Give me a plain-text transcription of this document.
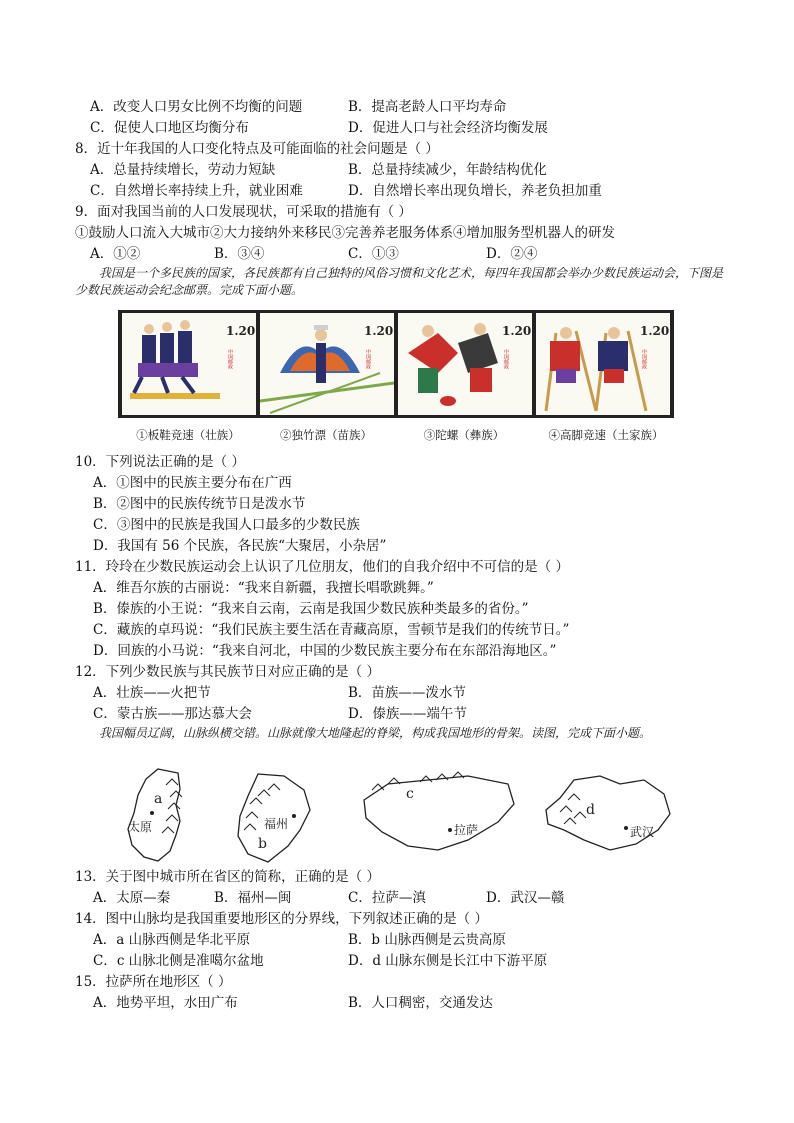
A．改变人口男女比例不均衡的问题	B．提高老龄人口平均寿命
C．促使人口地区均衡分布	D．促进人口与社会经济均衡发展
8．近十年我国的人口变化特点及可能面临的社会问题是（ ）
A．总量持续增长，劳动力短缺	B．总量持续减少，年龄结构优化
C．自然增长率持续上升，就业困难	D．自然增长率出现负增长，养老负担加重
9．面对我国当前的人口发展现状，可采取的措施有（ ）
①鼓励人口流入大城市②大力接纳外来移民③完善养老服务体系④增加服务型机器人的研发
A．①②	B．③④	C．①③	D．②④
我国是一个多民族的国家，各民族都有自己独特的风俗习惯和文化艺术，每四年我国都会举办少数民族运动会，下图是少数民族运动会纪念邮票。完成下面小题。
1.20
中国邮政
1.20
中国邮政
1.20
中国邮政
1.20
中国邮政
①板鞋竞速（壮族）	②独竹漂（苗族）	③陀螺（彝族）	④高脚竞速（土家族）
10．下列说法正确的是（ ）
A．①图中的民族主要分布在广西
B．②图中的民族传统节日是泼水节
C．③图中的民族是我国人口最多的少数民族
D．我国有 56 个民族，各民族“大聚居，小杂居”
11．玲玲在少数民族运动会上认识了几位朋友，他们的自我介绍中不可信的是（ ）
A．维吾尔族的古丽说：“我来自新疆，我擅长唱歌跳舞。”
B．傣族的小王说：“我来自云南，云南是我国少数民族种类最多的省份。”
C．藏族的卓玛说：“我们民族主要生活在青藏高原，雪顿节是我们的传统节日。”
D．回族的小马说：“我来自河北，中国的少数民族主要分布在东部沿海地区。”
12．下列少数民族与其民族节日对应正确的是（ ）
A．壮族——火把节	B．苗族——泼水节
C．蒙古族——那达慕大会	D．傣族——端午节
我国幅员辽阔，山脉纵横交错。山脉就像大地隆起的脊梁，构成我国地形的骨架。读图，完成下面小题。
a
太原	福州
b
c
拉萨
d
武汉
13．关于图中城市所在省区的简称，正确的是（ ）
A．太原—秦	B．福州—闽	C．拉萨—滇	D．武汉—赣
14．图中山脉均是我国重要地形区的分界线，下列叙述正确的是（ ）
A．a 山脉西侧是华北平原	B．b 山脉西侧是云贵高原
C．c 山脉北侧是准噶尔盆地	D．d 山脉东侧是长江中下游平原
15．拉萨所在地形区（ ）
A．地势平坦，水田广布	B．人口稠密，交通发达
